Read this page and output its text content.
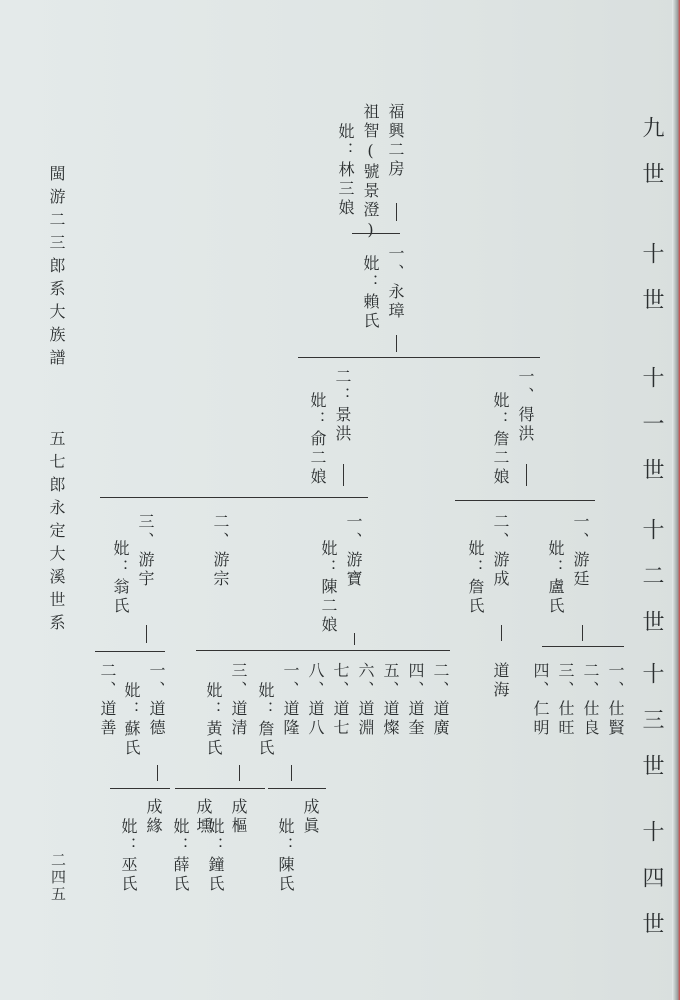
九世
十世
十一世
十二世
十三世
十四世
閩游二三郎系大族譜
五七郎永定大溪世系
二四五
福興二房
祖智(號景澄)
妣：林三娘
一、永璋
妣：賴氏
一、得洪
妣：詹二娘
二：景洪
妣：俞二娘
一、游廷
妣：盧氏
二、游成
妣：詹氏
一、游寶
妣：陳二娘
二、游宗
三、游宇
妣：翁氏
一、仕賢
二、仕良
三、仕旺
四、仁明
道海
二、道廣
四、道奎
五、道燦
六、道淵
七、道七
八、道八
一、道隆
妣：詹氏
三、道清
妣：黃氏
一、道德
妣：蘇氏
二、道善
成眞
妣：陳氏
成樞
妣：鐘氏
成壎
妣：薛氏
成緣
妣：巫氏
